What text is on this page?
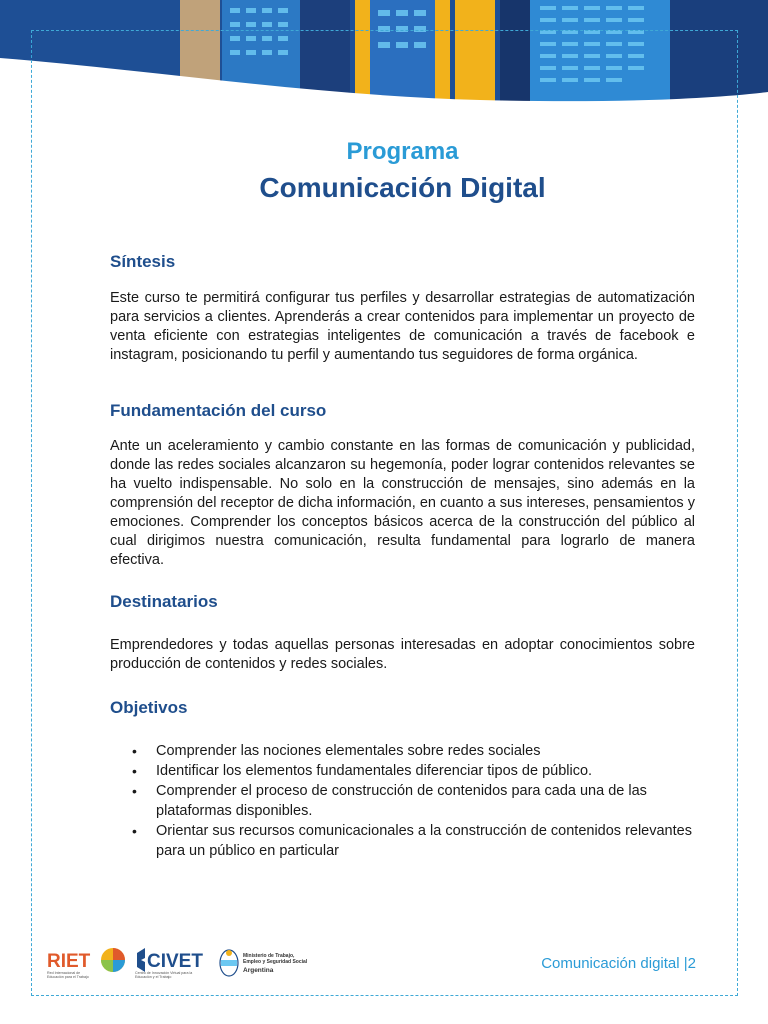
Programa
Comunicación Digital
Síntesis

Este curso te permitirá configurar tus perfiles y desarrollar estrategias de automatización para servicios a clientes. Aprenderás a crear contenidos para implementar un proyecto de venta eficiente con estrategias inteligentes de comunicación a través de facebook e instagram, posicionando tu perfil y aumentando tus seguidores de forma orgánica.

Fundamentación del curso

Ante un aceleramiento y cambio constante en las formas de comunicación y publicidad, donde las redes sociales alcanzaron su hegemonía, poder lograr contenidos relevantes se ha vuelto indispensable. No solo en la construcción de mensajes, sino además en la comprensión del receptor de dicha información, en cuanto a sus intereses, pensamientos y emociones. Comprender los conceptos básicos acerca de la construcción del público al cual dirigimos nuestra comunicación, resulta fundamental para lograrlo de manera efectiva.

Destinatarios

Emprendedores y todas aquellas personas interesadas en adoptar conocimientos sobre producción de contenidos y redes sociales.

Objetivos
• Comprender las nociones elementales sobre redes sociales
• Identificar los elementos fundamentales diferenciar tipos de público.
• Comprender el proceso de construcción de contenidos para cada una de las plataformas disponibles.
• Orientar sus recursos comunicacionales a la construcción de contenidos relevantes para un público en particular
RIET
Red Internacional de Educación para el Trabajo
CIVET
Centro de Innovación Virtual para la Educación y el Trabajo
Ministerio de Trabajo, Empleo y Seguridad Social
Argentina	Comunicación digital |2
